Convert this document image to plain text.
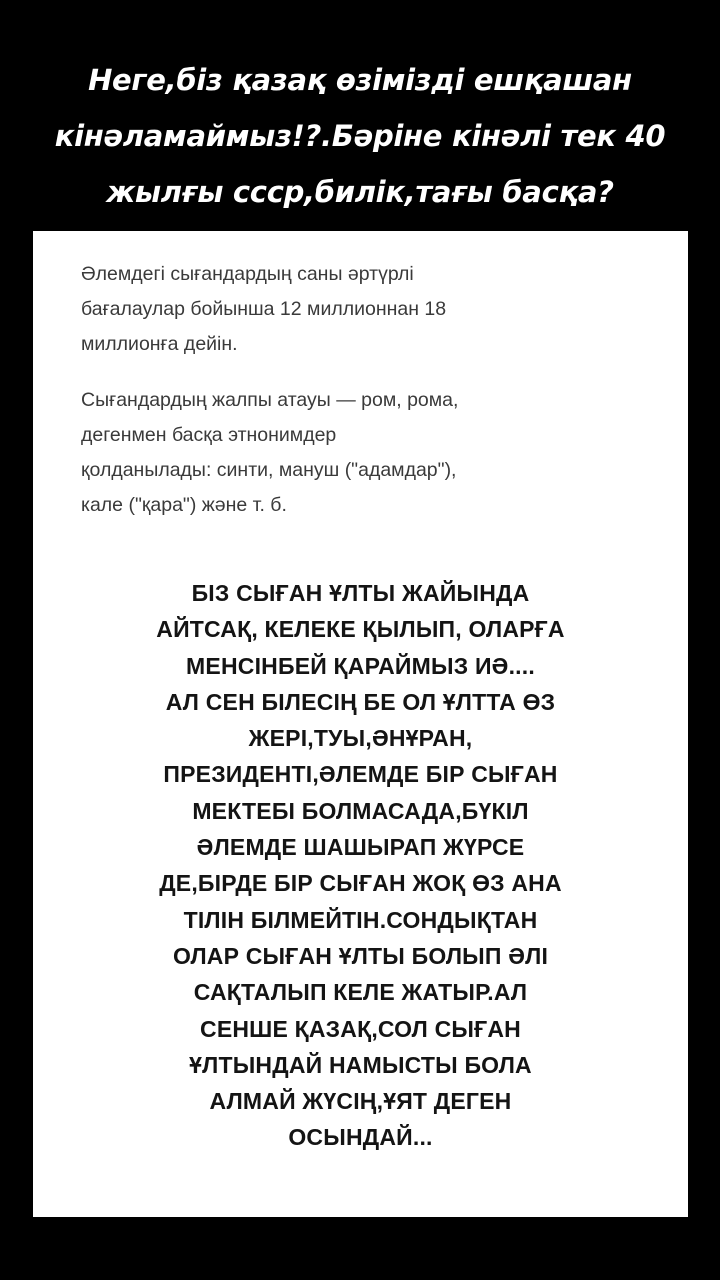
Неге,біз қазақ өзімізді ешқашан
кінәламаймыз!?.Бәріне кінәлі тек 40
жылғы сссp,билік,тағы басқа?
Әлемдегі сығандардың саны әртүрлі
бағалаулар бойынша 12 миллионнан 18
миллионға дейін.
Сығандардың жалпы атауы — ром, рома,
дегенмен басқа этнонимдер
қолданылады: синти, мануш ("адамдар"),
кале ("қара") және т. б.
БІЗ СЫҒАН ҰЛТЫ ЖАЙЫНДА
АЙТСАҚ, КЕЛЕКЕ ҚЫЛЫП, ОЛАРҒА
МЕНСІНБЕЙ ҚАРАЙМЫЗ ИӘ....
АЛ СЕН БІЛЕСІҢ БЕ ОЛ ҰЛТТА ӨЗ
ЖЕРІ,ТУЫ,ӘНҰРАН,
ПРЕЗИДЕНТІ,ӘЛЕМДЕ БІР СЫҒАН
МЕКТЕБІ БОЛМАСАДА,БҮКІЛ
ӘЛЕМДЕ ШАШЫРАП ЖҮРСЕ
ДЕ,БІРДЕ БІР СЫҒАН ЖОҚ ӨЗ АНА
ТІЛІН БІЛМЕЙТІН.СОНДЫҚТАН
ОЛАР СЫҒАН ҰЛТЫ БОЛЫП ӘЛІ
САҚТАЛЫП КЕЛЕ ЖАТЫР.АЛ
СЕНШЕ ҚАЗАҚ,СОЛ СЫҒАН
ҰЛТЫНДАЙ НАМЫСТЫ БОЛА
АЛМАЙ ЖҮСІҢ,ҰЯТ ДЕГЕН
ОСЫНДАЙ...
